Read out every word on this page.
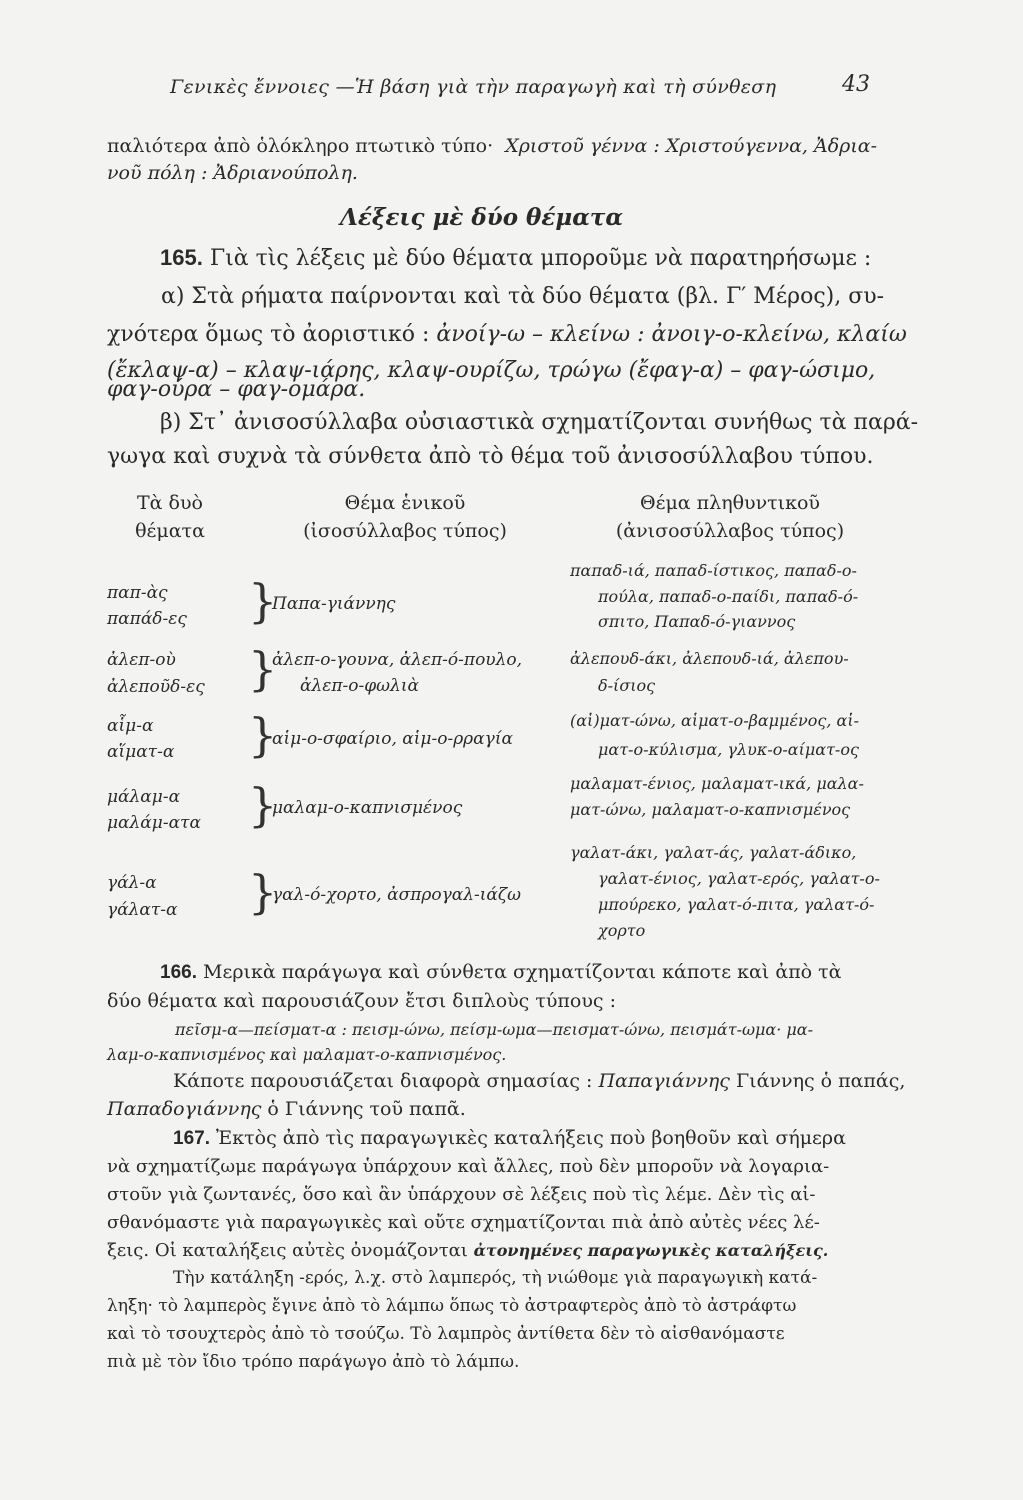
Γενικὲς ἔννοιες —Ἡ βάση γιὰ τὴν παραγωγὴ καὶ τὴ σύνθεση	43
παλιότερα ἀπὸ ὁλόκληρο πτωτικὸ τύπο· Χριστοῦ γέννα : Χριστούγεννα, Ἀδρια-
νοῦ πόλη : Ἀδριανούπολη.
Λέξεις μὲ δύο θέματα
165. Γιὰ τὶς λέξεις μὲ δύο θέματα μποροῦμε νὰ παρατηρήσωμε :
α) Στὰ ρήματα παίρνονται καὶ τὰ δύο θέματα (βλ. Γ′ Μέρος), συ-
χνότερα ὅμως τὸ ἀοριστικό : ἀνοίγ-ω – κλείνω : ἀνοιγ-ο-κλείνω, κλαίω
(ἔκλαψ-α) – κλαψ-ιάρης, κλαψ-ουρίζω, τρώγω (ἔφαγ-α) – φαγ-ώσιμο,
φαγ-ούρα – φαγ-ομάρα.
β) Στ᾽ ἀνισοσύλλαβα οὐσιαστικὰ σχηματίζονται συνήθως τὰ παρά-
γωγα καὶ συχνὰ τὰ σύνθετα ἀπὸ τὸ θέμα τοῦ ἀνισοσύλλαβου τύπου.
Τὰ δυὸ
θέματα
Θέμα ἑνικοῦ
(ἰσοσύλλαβος τύπος)
Θέμα πληθυντικοῦ
(ἀνισοσύλλαβος τύπος)
παπ-ὰς
παπάδ-ες }
Παπα-γιάννης
παπαδ-ιά, παπαδ-ίστικος, παπαδ-ο-
πούλα, παπαδ-ο-παίδι, παπαδ-ό-
σπιτο, Παπαδ-ό-γιαννος
ἀλεπ-οὺ
ἀλεποῦδ-ες }
ἀλεπ-ο-γουνα, ἀλεπ-ό-πουλο,
ἀλεπ-ο-φωλιὰ
ἀλεπουδ-άκι, ἀλεπουδ-ιά, ἀλεπου-
δ-ίσιος
αἷμ-α
αἵματ-α }
αἱμ-ο-σφαίριο, αἱμ-ο-ρραγία
(αἱ)ματ-ώνω, αἱματ-ο-βαμμένος, αἱ-
ματ-ο-κύλισμα, γλυκ-ο-αίματ-ος
μάλαμ-α
μαλάμ-ατα }
μαλαμ-ο-καπνισμένος
μαλαματ-ένιος, μαλαματ-ικά, μαλα-
ματ-ώνω, μαλαματ-ο-καπνισμένος
γάλ-α
γάλατ-α }
γαλ-ό-χορτο, ἀσπρογαλ-ιάζω
γαλατ-άκι, γαλατ-άς, γαλατ-άδικο,
γαλατ-ένιος, γαλατ-ερός, γαλατ-ο-
μπούρεκο, γαλατ-ό-πιτα, γαλατ-ό-
χορτο
166. Μερικὰ παράγωγα καὶ σύνθετα σχηματίζονται κάποτε καὶ ἀπὸ τὰ
δύο θέματα καὶ παρουσιάζουν ἔτσι διπλοὺς τύπους :
πεῖσμ-α—πείσματ-α : πεισμ-ώνω, πείσμ-ωμα—πεισματ-ώνω, πεισμάτ-ωμα· μα-
λαμ-ο-καπνισμένος καὶ μαλαματ-ο-καπνισμένος.
Κάποτε παρουσιάζεται διαφορὰ σημασίας : Παπαγιάννης Γιάννης ὁ παπάς,
Παπαδογιάννης ὁ Γιάννης τοῦ παπᾶ.
167. Ἐκτὸς ἀπὸ τὶς παραγωγικὲς καταλήξεις ποὺ βοηθοῦν καὶ σήμερα
νὰ σχηματίζωμε παράγωγα ὑπάρχουν καὶ ἄλλες, ποὺ δὲν μποροῦν νὰ λογαρια-
στοῦν γιὰ ζωντανές, ὅσο καὶ ἂν ὑπάρχουν σὲ λέξεις ποὺ τὶς λέμε. Δὲν τὶς αἰ-
σθανόμαστε γιὰ παραγωγικὲς καὶ οὔτε σχηματίζονται πιὰ ἀπὸ αὐτὲς νέες λέ-
ξεις. Οἱ καταλήξεις αὐτὲς ὀνομάζονται ἀτονημένες παραγωγικὲς καταλήξεις.
Τὴν κατάληξη -ερός, λ.χ. στὸ λαμπερός, τὴ νιώθομε γιὰ παραγωγικὴ κατά-
ληξη· τὸ λαμπερὸς ἔγινε ἀπὸ τὸ λάμπω ὅπως τὸ ἀστραφτερὸς ἀπὸ τὸ ἀστράφτω
καὶ τὸ τσουχτερὸς ἀπὸ τὸ τσούζω. Τὸ λαμπρὸς ἀντίθετα δὲν τὸ αἰσθανόμαστε
πιὰ μὲ τὸν ἴδιο τρόπο παράγωγο ἀπὸ τὸ λάμπω.
